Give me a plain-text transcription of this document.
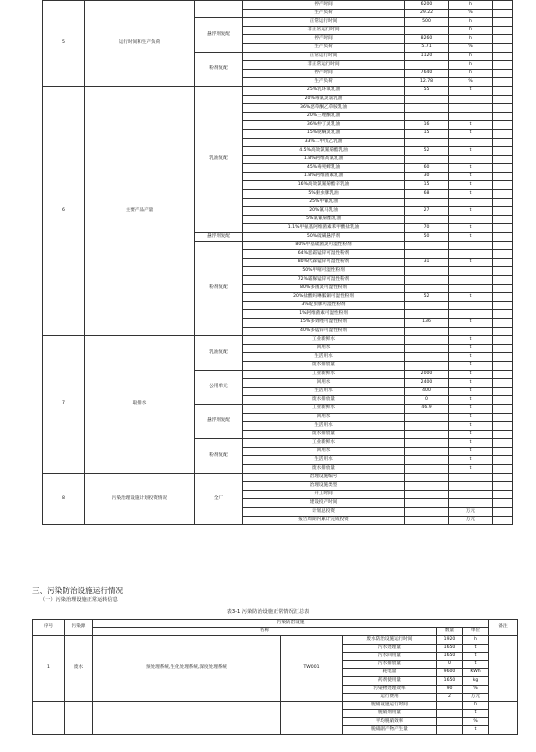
5	运行时间和生产负荷		停产时间	6200	h	
			生产负荷	29.22	%	
		悬浮剂复配	正常运行时间	500	h	
			非正常运行时间		h	
			停产时间	8260	h	
			生产负荷	5.71	%	
		粉剂复配	正常运行时间	1120	h	
			非正常运行时间		h	
			停产时间	7640	h	
			生产负荷	12.78	%	
6	主要产品产量	乳油复配	25%乳环氧乳油	55	t	
			20%毒氯灵氯乳油			
			36%恶草酮乙草胺乳油			
			20%三唑酮乳油			
			36%仲丁灵乳油	16	t	
			15%哒螨灵乳油	15	t	
			33%二甲戊乙乳油			
			4.5%高效氯氰菊酯乳油	52	t	
			1.8%阿维高氯乳油			
			45%毒死蜱乳油	60	t	
			1.8%阿维菌素乳油	30	t	
			16%高效氯氰菊酯辛乳油	15	t	
			5%驱虫脒乳油	68	t	
			25%甲氰乳油			
			20%氰马乳油	27	t	
			5%氯氰菊酯乳油			
			1.1%甲氨基阿维菌素苯甲酸盐乳油	70	t	
		悬浮剂复配	50%硫磺悬浮剂	50	t	
		粉剂复配	80%甲基硫菌灵可湿性粉剂			
			64%恶霜锰锌可湿性粉剂			
			80%代森锰锌可湿性粉剂	31	t	
			50%甲嘧可湿性粉剂			
			72%霜脲锰锌可湿性粉剂			
			80%多菌灵可湿性粉剂			
			20%盐酸吗啉胍铜可湿性粉剂	52	t	
			3%啶虫脒可湿性粉剂			
			1%阿维菌素可湿性粉剂			
			15%多效唑可湿性粉剂	136	t	
			40%多锰锌可湿性粉剂			
7	取排水	乳油复配	工业新鲜水		t	
			回用水		t	
			生活用水		t	
			废水排放量		t	
		公用单元	工业新鲜水	2000	t	
			回用水	2400	t	
			生活用水	400	t	
			废水排放量	0	t	
		悬浮剂复配	工业新鲜水	46.9	t	
			回用水		t	
			生活用水		t	
			废水排放量		t	
		粉剂复配	工业新鲜水		t	
			回用水		t	
			生活用水		t	
			废水排放量		t	
8	污染治理设施计划投资情况	全厂	治理设施编号			
			治理设施类型			
			开工时间			
			建设投产时间			
			计划总投资		万元	
			报告周期内累计完成投资		万元	
三、污染防治设施运行情况
（一）污染治理设施正常运转信息
表3-1 污染防治设施正常情况汇总表
序号	污染源	污染防治设施					备注
		名称			数量	单位	
1	废水	预处理系统,生化处理系统,深度处理系统	TW001	废水防治设施运行时间	1920	h	
				污水处理量	1650	t	
				污水回用量	1650	t	
				污水排放量	0	t	
				耗电量	9600	KWh	
				药剂使用量	1650	kg	
				污染物处理效率	90	%	
				运行费用	2	万元	
				脱硝设施运行时间		h	
				脱硝剂用量		t	
				平均脱硝效率		%	
				脱硝副产物产生量		t	
